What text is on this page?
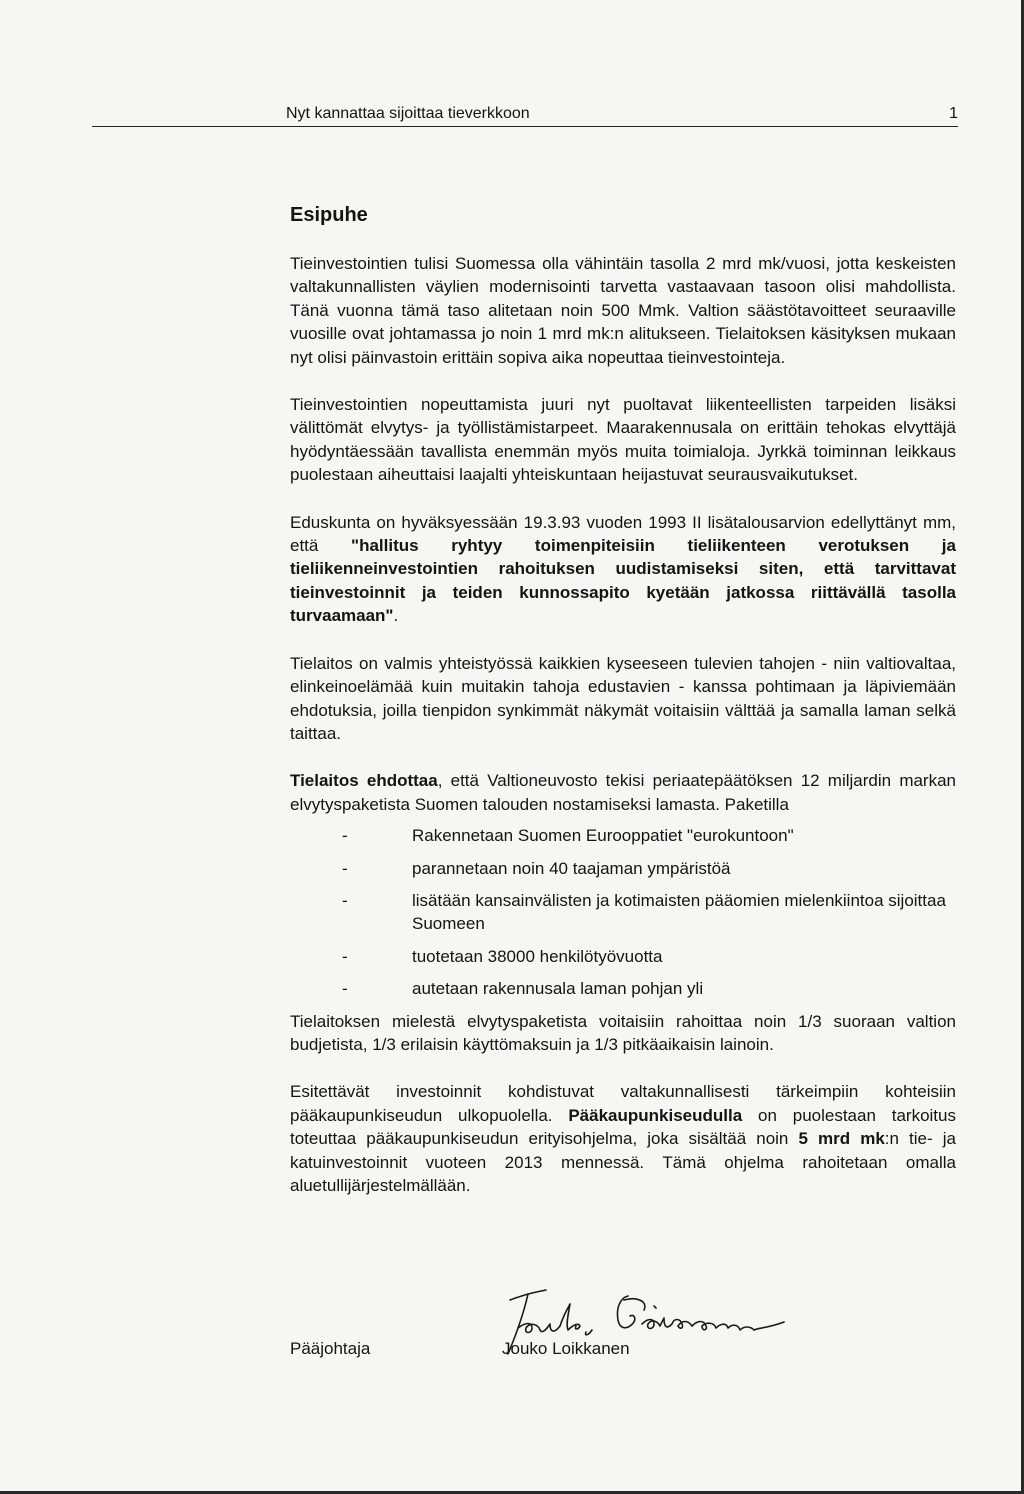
Nyt kannattaa sijoittaa tieverkkoon	1
Esipuhe

Tieinvestointien tulisi Suomessa olla vähintäin tasolla 2 mrd mk/vuosi, jotta keskeisten valtakunnallisten väylien modernisointi tarvetta vastaavaan tasoon olisi mahdollista. Tänä vuonna tämä taso alitetaan noin 500 Mmk. Valtion säästötavoitteet seuraaville vuosille ovat johtamassa jo noin 1 mrd mk:n alitukseen. Tielaitoksen käsityksen mukaan nyt olisi päinvastoin erittäin sopiva aika nopeuttaa tieinvestointeja.

Tieinvestointien nopeuttamista juuri nyt puoltavat liikenteellisten tarpeiden lisäksi välittömät elvytys- ja työllistämistarpeet. Maarakennusala on erittäin tehokas elvyttäjä hyödyntäessään tavallista enemmän myös muita toimialoja. Jyrkkä toiminnan leikkaus puolestaan aiheuttaisi laajalti yhteiskuntaan heijastuvat seurausvaikutukset.

Eduskunta on hyväksyessään 19.3.93 vuoden 1993 II lisätalousarvion edellyttänyt mm, että "hallitus ryhtyy toimenpiteisiin tieliikenteen verotuksen ja tieliikenneinvestointien rahoituksen uudistamiseksi siten, että tarvittavat tieinvestoinnit ja teiden kunnossapito kyetään jatkossa riittävällä tasolla turvaamaan".

Tielaitos on valmis yhteistyössä kaikkien kyseeseen tulevien tahojen - niin valtiovaltaa, elinkeinoelämää kuin muitakin tahoja edustavien - kanssa pohtimaan ja läpiviemään ehdotuksia, joilla tienpidon synkimmät näkymät voitaisiin välttää ja samalla laman selkä taittaa.

Tielaitos ehdottaa, että Valtioneuvosto tekisi periaatepäätöksen 12 miljardin markan elvytyspaketista Suomen talouden nostamiseksi lamasta. Paketilla

-	Rakennetaan Suomen Eurooppatiet "eurokuntoon"
-	parannetaan noin 40 taajaman ympäristöä
-	lisätään kansainvälisten ja kotimaisten pääomien mielenkiintoa sijoittaa Suomeen
-	tuotetaan 38000 henkilötyövuotta
-	autetaan rakennusala laman pohjan yli

Tielaitoksen mielestä elvytyspaketista voitaisiin rahoittaa noin 1/3 suoraan valtion budjetista, 1/3 erilaisin käyttömaksuin ja 1/3 pitkäaikaisin lainoin.

Esitettävät investoinnit kohdistuvat valtakunnallisesti tärkeimpiin kohteisiin pääkaupunkiseudun ulkopuolella. Pääkaupunkiseudulla on puolestaan tarkoitus toteuttaa pääkaupunkiseudun erityisohjelma, joka sisältää noin 5 mrd mk:n tie- ja katuinvestoinnit vuoteen 2013 mennessä. Tämä ohjelma rahoitetaan omalla aluetullijärjestelmällään.

Pääjohtaja	Jouko Loikkanen
